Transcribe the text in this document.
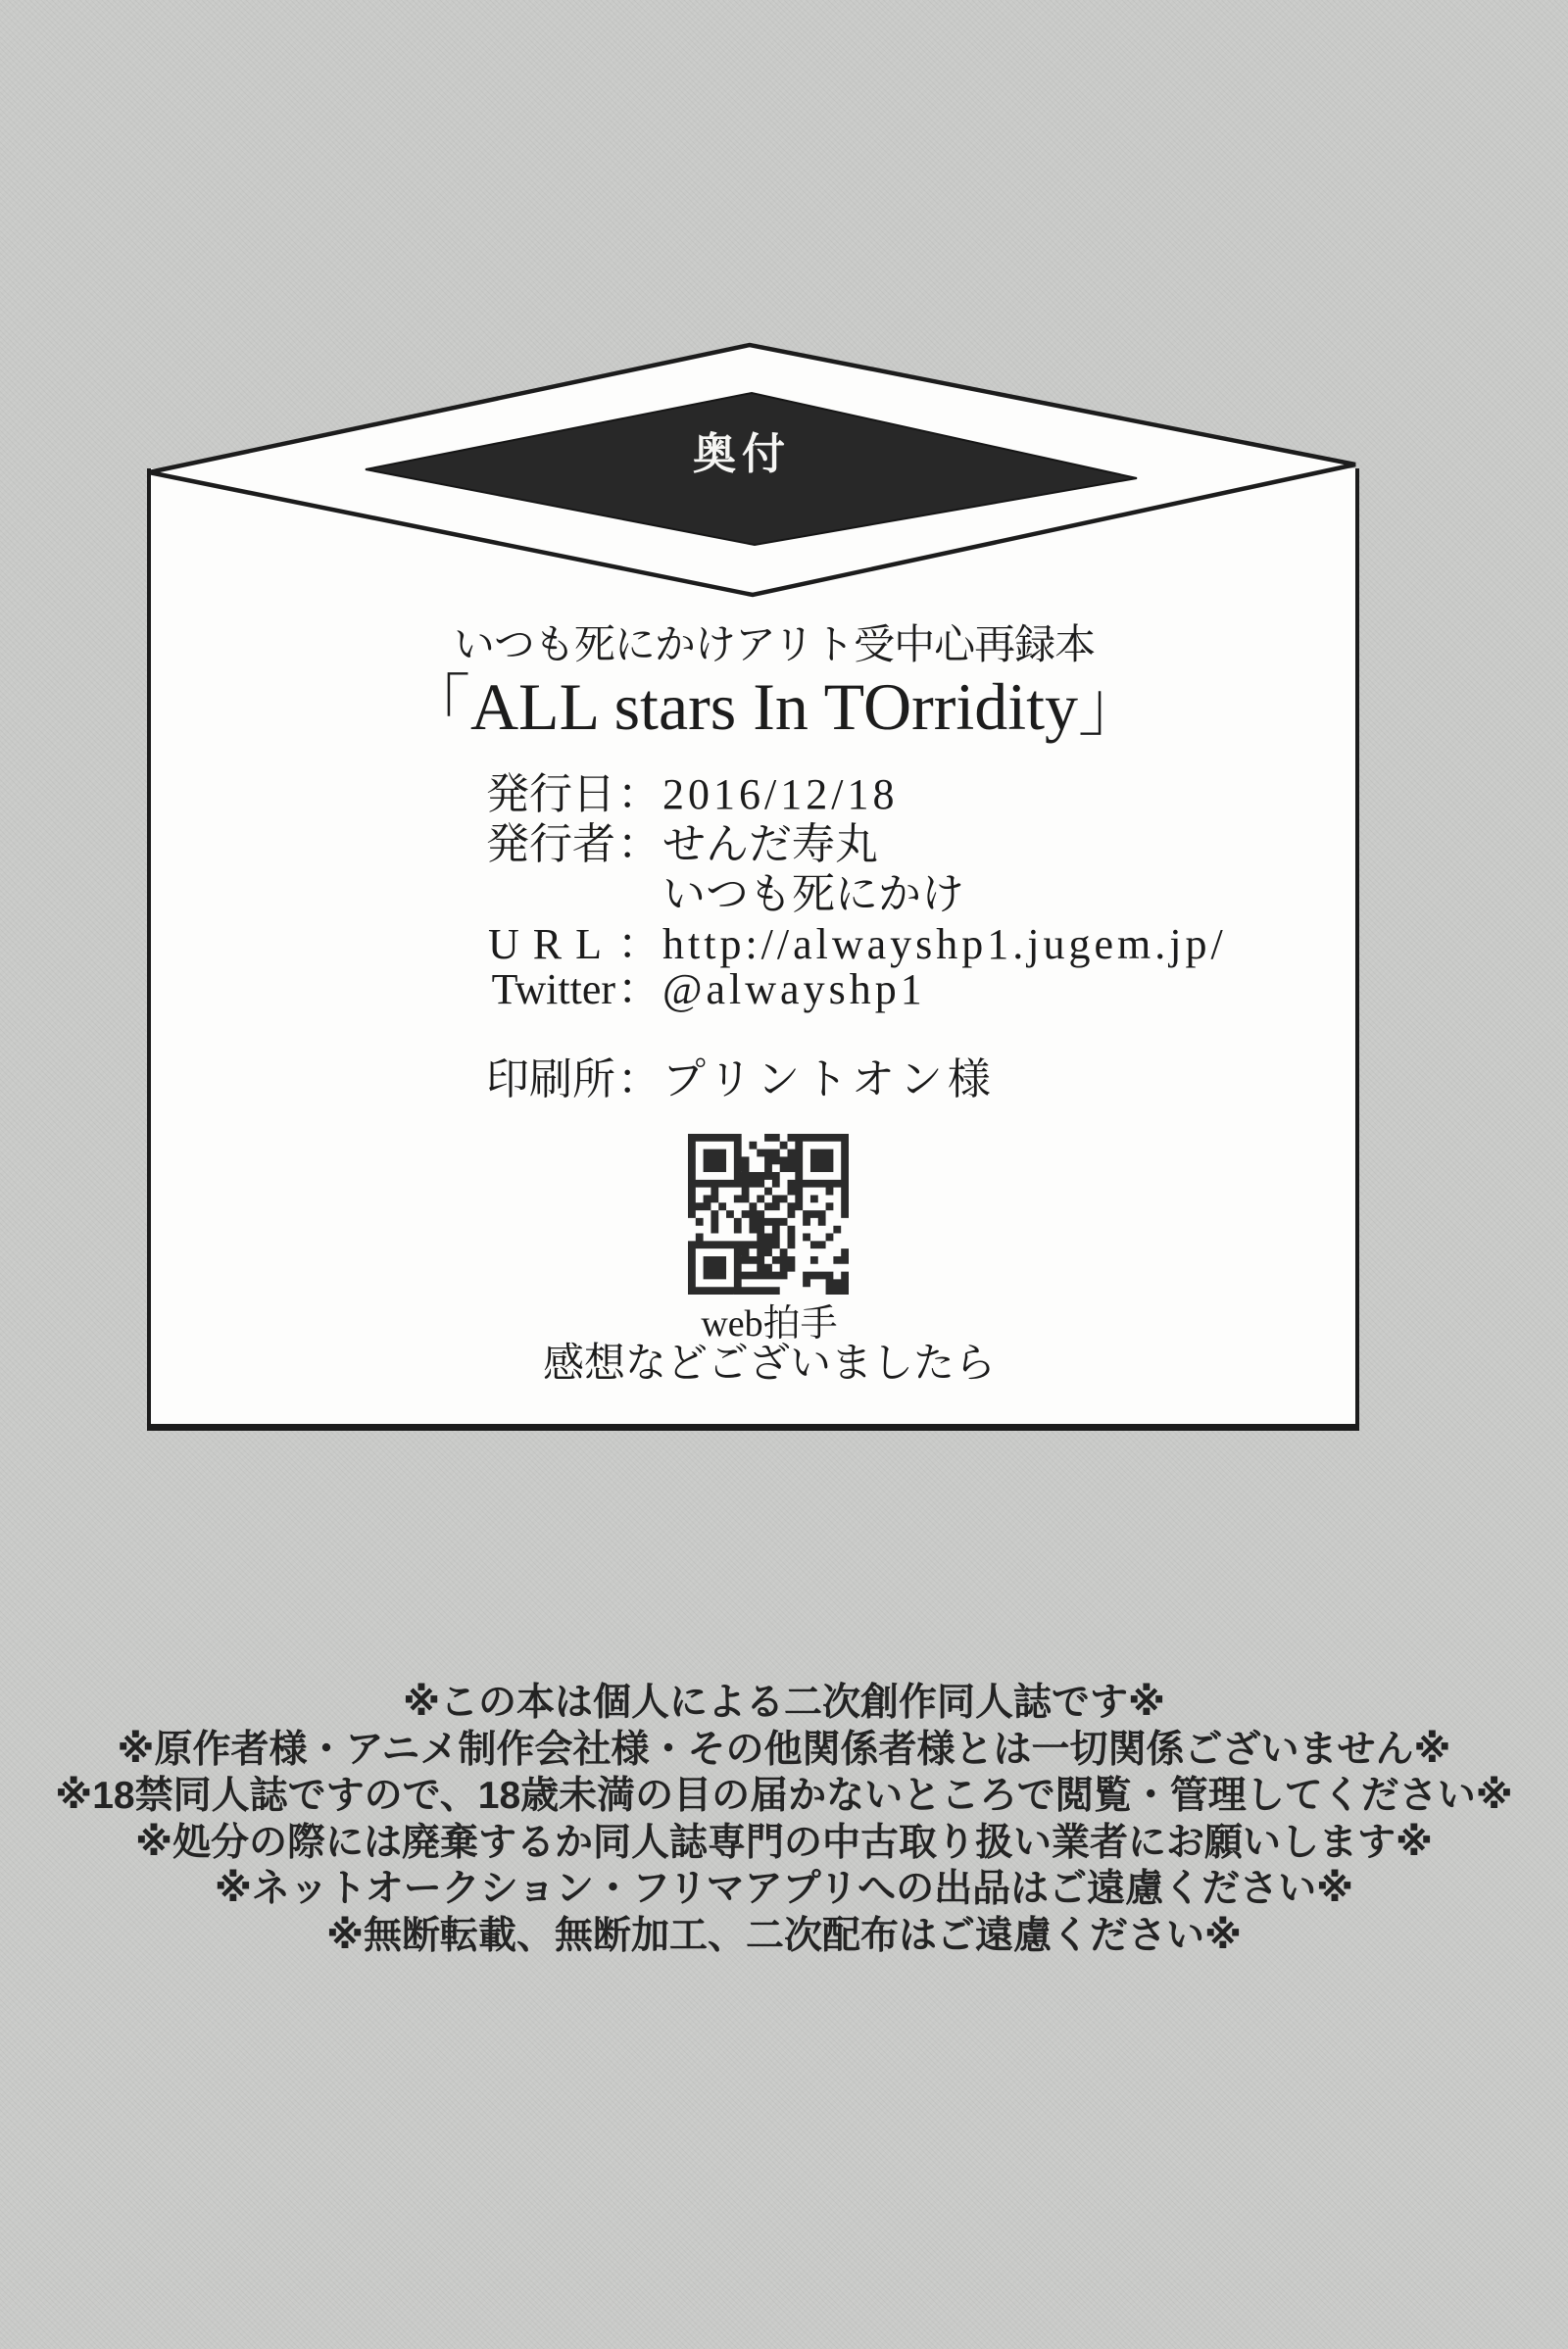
奥付
いつも死にかけアリト受中心再録本
「ALL stars In TOrridity」
発行日：2016/12/18
発行者：せんだ寿丸
いつも死にかけ
URL：http://alwayshp1.jugem.jp/
Twitter：@alwayshp1
印刷所：プリントオン様
web拍手
感想などございましたら
※この本は個人による二次創作同人誌です※
※原作者様・アニメ制作会社様・その他関係者様とは一切関係ございません※
※18禁同人誌ですので、18歳未満の目の届かないところで閲覧・管理してください※
※処分の際には廃棄するか同人誌専門の中古取り扱い業者にお願いします※
※ネットオークション・フリマアプリへの出品はご遠慮ください※
※無断転載、無断加工、二次配布はご遠慮ください※
